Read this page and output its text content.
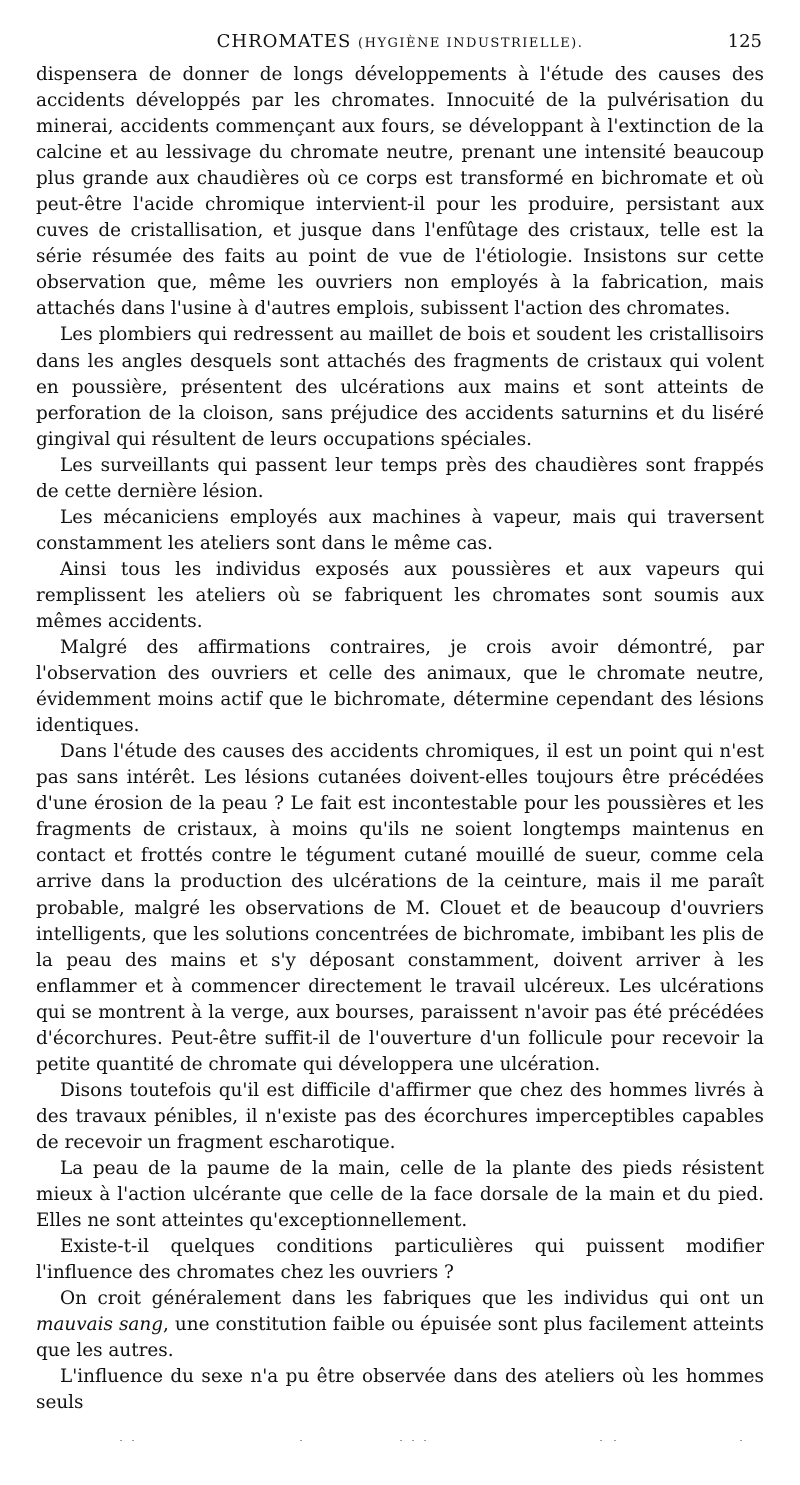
CHROMATES (HYGIÈNE INDUSTRIELLE).	125

dispensera de donner de longs développements à l'étude des causes des accidents développés par les chromates. Innocuité de la pulvérisation du minerai, accidents commençant aux fours, se développant à l'extinction de la calcine et au lessivage du chromate neutre, prenant une intensité beaucoup plus grande aux chaudières où ce corps est transformé en bichromate et où peut-être l'acide chromique intervient-il pour les produire, persistant aux cuves de cristallisation, et jusque dans l'enfûtage des cristaux, telle est la série résumée des faits au point de vue de l'étiologie. Insistons sur cette observation que, même les ouvriers non employés à la fabrication, mais attachés dans l'usine à d'autres emplois, subissent l'action des chromates.

Les plombiers qui redressent au maillet de bois et soudent les cristallisoirs dans les angles desquels sont attachés des fragments de cristaux qui volent en poussière, présentent des ulcérations aux mains et sont atteints de perforation de la cloison, sans préjudice des accidents saturnins et du liséré gingival qui résultent de leurs occupations spéciales.

Les surveillants qui passent leur temps près des chaudières sont frappés de cette dernière lésion.

Les mécaniciens employés aux machines à vapeur, mais qui traversent constamment les ateliers sont dans le même cas.

Ainsi tous les individus exposés aux poussières et aux vapeurs qui remplissent les ateliers où se fabriquent les chromates sont soumis aux mêmes accidents.

Malgré des affirmations contraires, je crois avoir démontré, par l'observation des ouvriers et celle des animaux, que le chromate neutre, évidemment moins actif que le bichromate, détermine cependant des lésions identiques.

Dans l'étude des causes des accidents chromiques, il est un point qui n'est pas sans intérêt. Les lésions cutanées doivent-elles toujours être précédées d'une érosion de la peau ? Le fait est incontestable pour les poussières et les fragments de cristaux, à moins qu'ils ne soient longtemps maintenus en contact et frottés contre le tégument cutané mouillé de sueur, comme cela arrive dans la production des ulcérations de la ceinture, mais il me paraît probable, malgré les observations de M. Clouet et de beaucoup d'ouvriers intelligents, que les solutions concentrées de bichromate, imbibant les plis de la peau des mains et s'y déposant constamment, doivent arriver à les enflammer et à commencer directement le travail ulcéreux. Les ulcérations qui se montrent à la verge, aux bourses, paraissent n'avoir pas été précédées d'écorchures. Peut-être suffit-il de l'ouverture d'un follicule pour recevoir la petite quantité de chromate qui développera une ulcération.

Disons toutefois qu'il est difficile d'affirmer que chez des hommes livrés à des travaux pénibles, il n'existe pas des écorchures imperceptibles capables de recevoir un fragment escharotique.

La peau de la paume de la main, celle de la plante des pieds résistent mieux à l'action ulcérante que celle de la face dorsale de la main et du pied. Elles ne sont atteintes qu'exceptionnellement.

Existe-t-il quelques conditions particulières qui puissent modifier l'influence des chromates chez les ouvriers ?

On croit généralement dans les fabriques que les individus qui ont un mauvais sang, une constitution faible ou épuisée sont plus facilement atteints que les autres.

L'influence du sexe n'a pu être observée dans des ateliers où les hommes seuls
